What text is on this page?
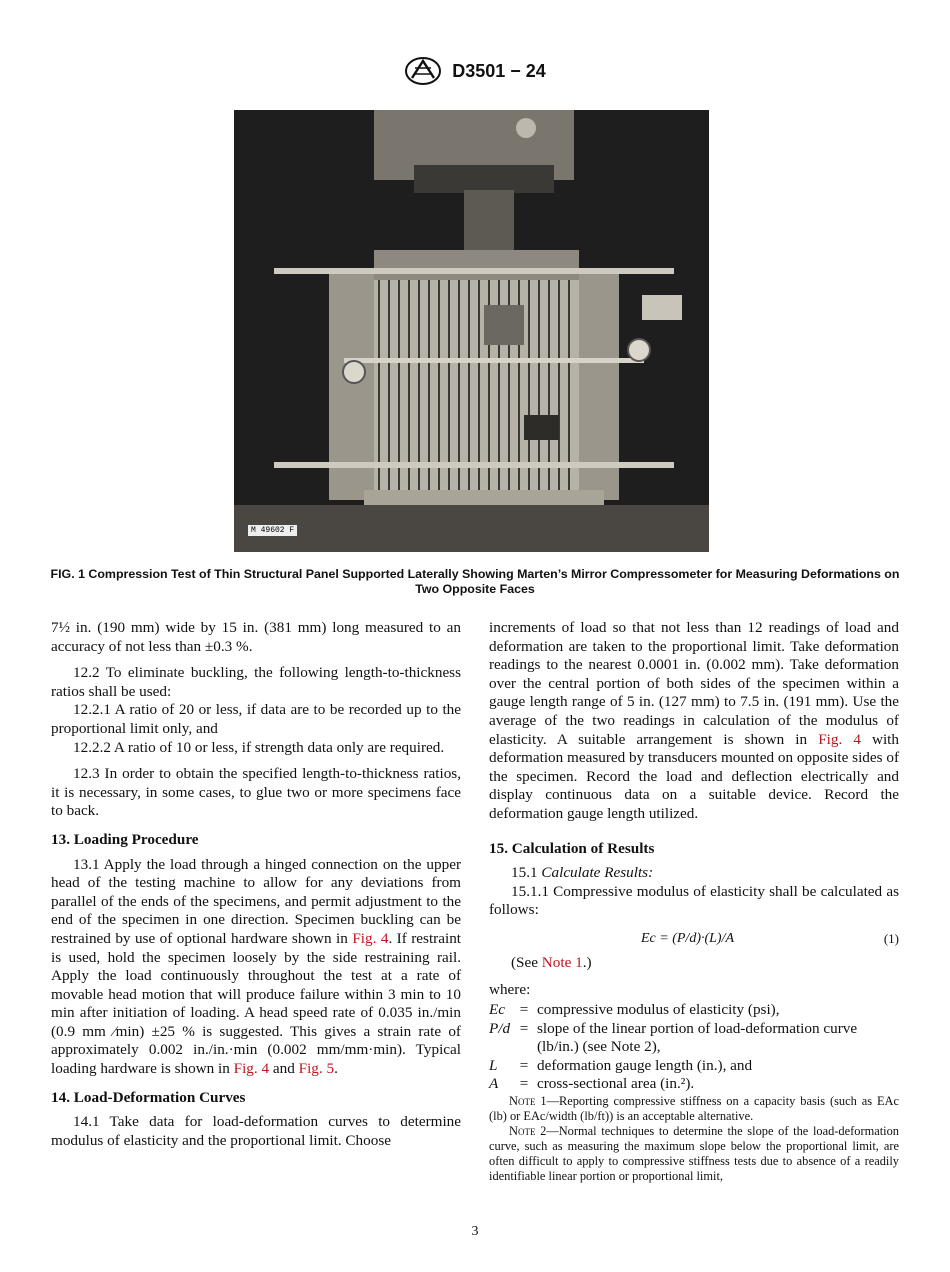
D3501 − 24
M 49602 F
FIG. 1 Compression Test of Thin Structural Panel Supported Laterally Showing Marten’s Mirror Compressometer for Measuring Deformations on Two Opposite Faces

7½ in. (190 mm) wide by 15 in. (381 mm) long measured to an accuracy of not less than ±0.3 %.

12.2 To eliminate buckling, the following length-to-thickness ratios shall be used:

12.2.1 A ratio of 20 or less, if data are to be recorded up to the proportional limit only, and

12.2.2 A ratio of 10 or less, if strength data only are required.

12.3 In order to obtain the specified length-to-thickness ratios, it is necessary, in some cases, to glue two or more specimens face to back.

13. Loading Procedure

13.1 Apply the load through a hinged connection on the upper head of the testing machine to allow for any deviations from parallel of the ends of the specimens, and permit adjustment to the end of the specimen in one direction. Specimen buckling can be restrained by use of optional hardware shown in Fig. 4. If restraint is used, hold the specimen loosely by the side restraining rail. Apply the load continuously throughout the test at a rate of movable head motion that will produce failure within 3 min to 10 min after initiation of loading. A head speed rate of 0.035 in./min (0.9 mm ⁄min) ±25 % is suggested. This gives a strain rate of approximately 0.002 in./in.·min (0.002 mm/mm·min). Typical loading hardware is shown in Fig. 4 and Fig. 5.

14. Load-Deformation Curves

14.1 Take data for load-deformation curves to determine modulus of elasticity and the proportional limit. Choose

increments of load so that not less than 12 readings of load and deformation are taken to the proportional limit. Take deformation readings to the nearest 0.0001 in. (0.002 mm). Take deformation over the central portion of both sides of the specimen within a gauge length range of 5 in. (127 mm) to 7.5 in. (191 mm). Use the average of the two readings in calculation of the modulus of elasticity. A suitable arrangement is shown in Fig. 4 with deformation measured by transducers mounted on opposite sides of the specimen. Record the load and deflection electrically and display continuous data on a suitable device. Record the deformation gauge length utilized.

15. Calculation of Results

15.1 Calculate Results:

15.1.1 Compressive modulus of elasticity shall be calculated as follows:

Ec = (P/d)·(L)/A	(1)

(See Note 1.)

where:

Ec = compressive modulus of elasticity (psi),
P/d = slope of the linear portion of load-deformation curve (lb/in.) (see Note 2),
L	= deformation gauge length (in.), and
A	= cross-sectional area (in.²).

Note 1—Reporting compressive stiffness on a capacity basis (such as EAc (lb) or EAc/width (lb/ft)) is an acceptable alternative.

Note 2—Normal techniques to determine the slope of the load-deformation curve, such as measuring the maximum slope below the proportional limit, are often difficult to apply to compressive stiffness tests due to absence of a readily identifiable linear portion or proportional limit,

3
